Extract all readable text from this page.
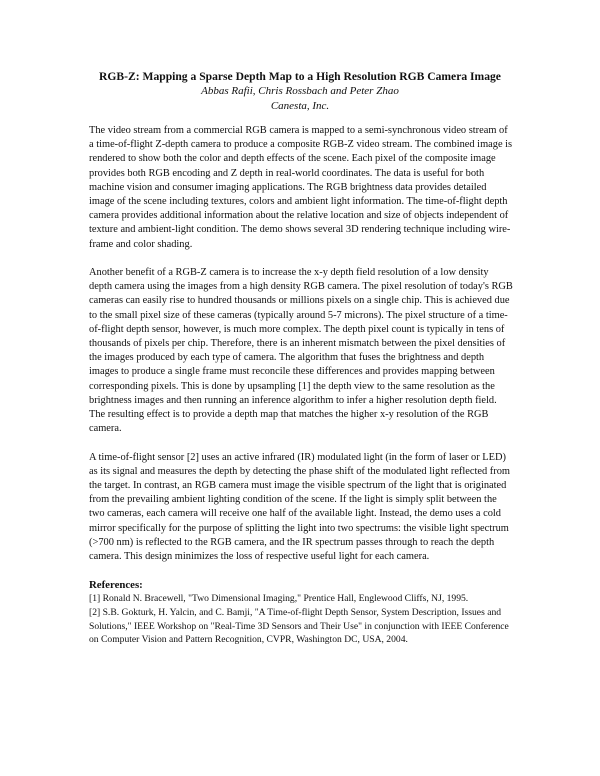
RGB-Z: Mapping a Sparse Depth Map to a High Resolution RGB Camera Image

Abbas Rafii, Chris Rossbach and Peter Zhao

Canesta, Inc.

The video stream from a commercial RGB camera is mapped to a semi-synchronous video stream of a time-of-flight Z-depth camera to produce a composite RGB-Z video stream. The combined image is rendered to show both the color and depth effects of the scene. Each pixel of the composite image provides both RGB encoding and Z depth in real-world coordinates. The data is useful for both machine vision and consumer imaging applications. The RGB brightness data provides detailed image of the scene including textures, colors and ambient light information. The time-of-flight depth camera provides additional information about the relative location and size of objects independent of texture and ambient-light condition. The demo shows several 3D rendering technique including wire-frame and color shading.

Another benefit of a RGB-Z camera is to increase the x-y depth field resolution of a low density depth camera using the images from a high density RGB camera. The pixel resolution of today's RGB cameras can easily rise to hundred thousands or millions pixels on a single chip. This is achieved due to the small pixel size of these cameras (typically around 5-7 microns). The pixel structure of a time-of-flight depth sensor, however, is much more complex. The depth pixel count is typically in tens of thousands of pixels per chip. Therefore, there is an inherent mismatch between the pixel densities of the images produced by each type of camera. The algorithm that fuses the brightness and depth images to produce a single frame must reconcile these differences and provides mapping between corresponding pixels. This is done by upsampling [1] the depth view to the same resolution as the brightness images and then running an inference algorithm to infer a higher resolution depth field. The resulting effect is to provide a depth map that matches the higher x-y resolution of the RGB camera.

A time-of-flight sensor [2] uses an active infrared (IR) modulated light (in the form of laser or LED) as its signal and measures the depth by detecting the phase shift of the modulated light reflected from the target. In contrast, an RGB camera must image the visible spectrum of the light that is originated from the prevailing ambient lighting condition of the scene. If the light is simply split between the two cameras, each camera will receive one half of the available light. Instead, the demo uses a cold mirror specifically for the purpose of splitting the light into two spectrums: the visible light spectrum (>700 nm) is reflected to the RGB camera, and the IR spectrum passes through to reach the depth camera. This design minimizes the loss of respective useful light for each camera.

References:

[1] Ronald N. Bracewell, "Two Dimensional Imaging," Prentice Hall, Englewood Cliffs, NJ, 1995.

[2] S.B. Gokturk, H. Yalcin, and C. Bamji, "A Time-of-flight Depth Sensor, System Description, Issues and Solutions," IEEE Workshop on "Real-Time 3D Sensors and Their Use" in conjunction with IEEE Conference on Computer Vision and Pattern Recognition, CVPR, Washington DC, USA, 2004.
